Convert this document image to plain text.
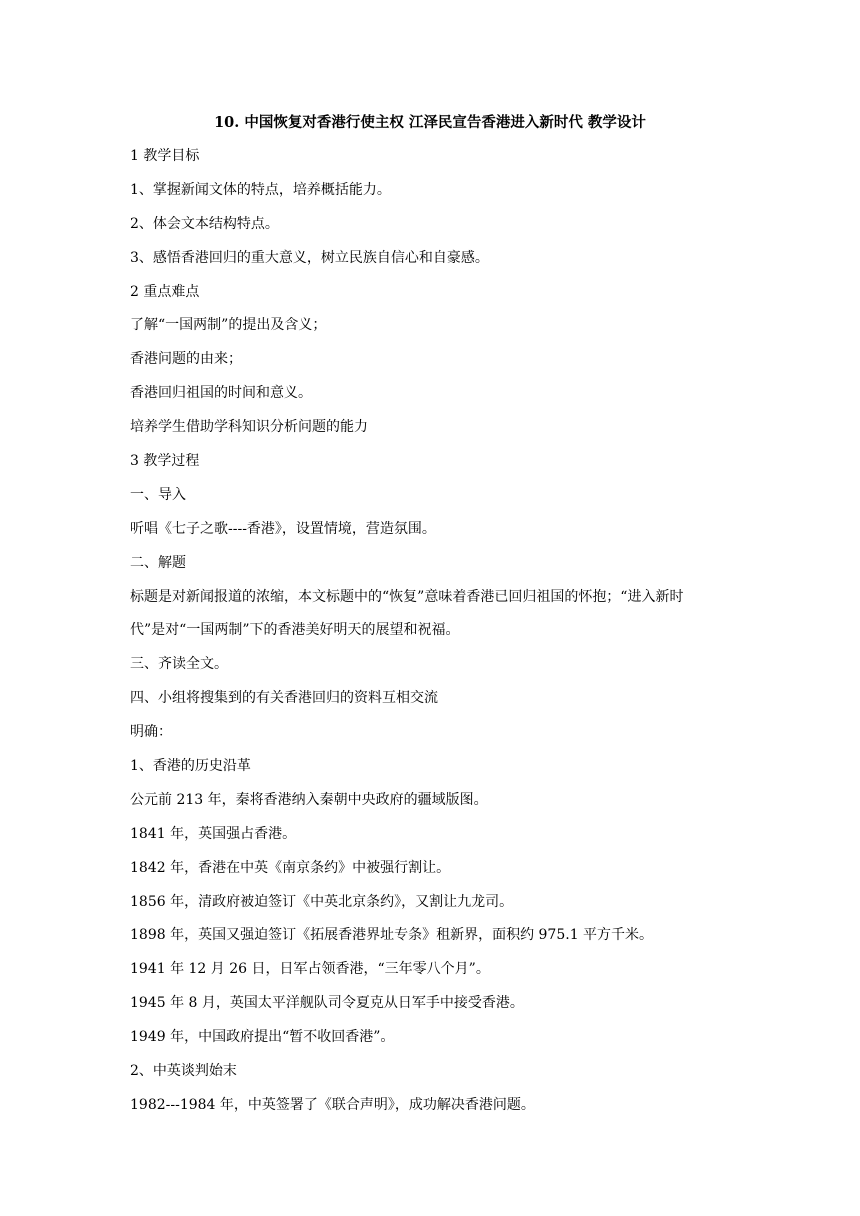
10. 中国恢复对香港行使主权 江泽民宣告香港进入新时代 教学设计
1 教学目标
1、掌握新闻文体的特点，培养概括能力。
2、体会文本结构特点。
3、感悟香港回归的重大意义，树立民族自信心和自豪感。
2 重点难点
了解“一国两制”的提出及含义；
香港问题的由来；
香港回归祖国的时间和意义。
培养学生借助学科知识分析问题的能力
3 教学过程
一、导入
听唱《七子之歌----香港》，设置情境，营造氛围。
二、解题
标题是对新闻报道的浓缩，本文标题中的“恢复”意味着香港已回归祖国的怀抱；“进入新时
代”是对“一国两制”下的香港美好明天的展望和祝福。
三、齐读全文。
四、小组将搜集到的有关香港回归的资料互相交流
明确：
1、香港的历史沿革
公元前 213 年，秦将香港纳入秦朝中央政府的疆域版图。
1841 年，英国强占香港。
1842 年，香港在中英《南京条约》中被强行割让。
1856 年，清政府被迫签订《中英北京条约》，又割让九龙司。
1898 年，英国又强迫签订《拓展香港界址专条》租新界，面积约 975.1 平方千米。
1941 年 12 月 26 日，日军占领香港，“三年零八个月”。
1945 年 8 月，英国太平洋舰队司令夏克从日军手中接受香港。
1949 年，中国政府提出“暂不收回香港”。
2、中英谈判始末
1982---1984 年，中英签署了《联合声明》，成功解决香港问题。
